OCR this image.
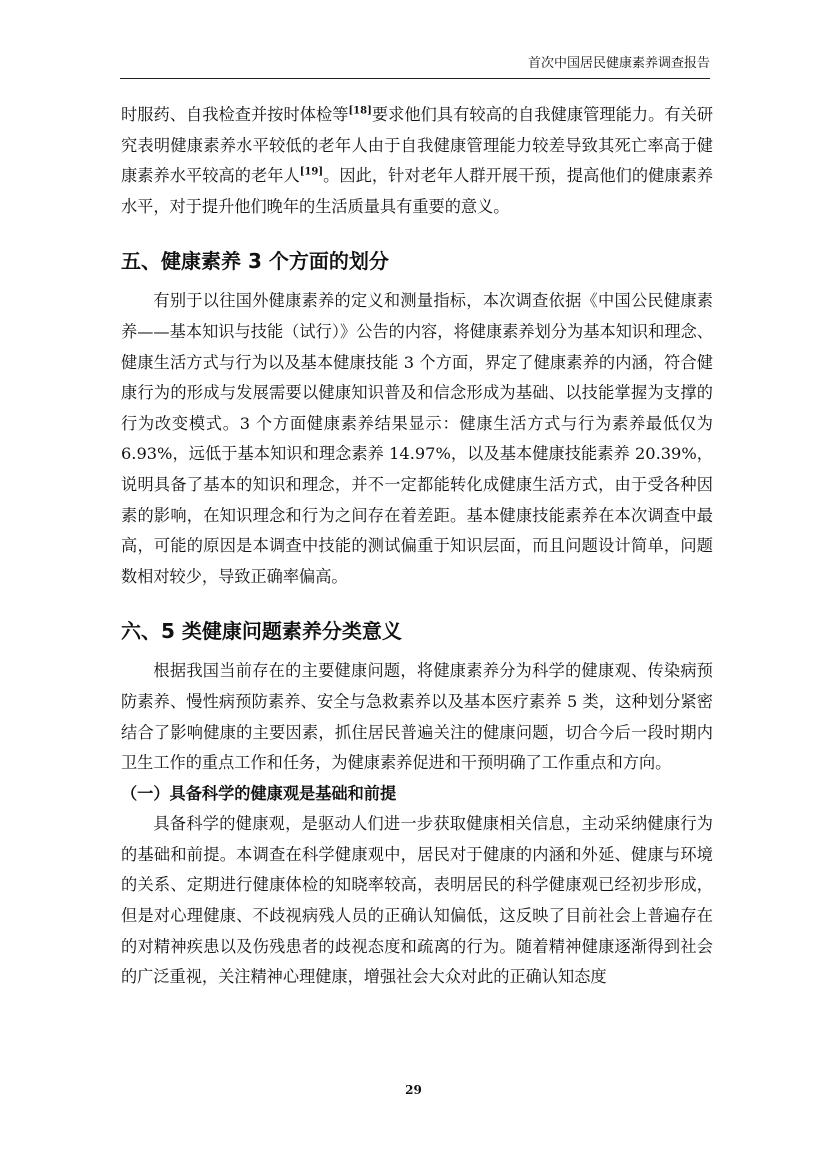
首次中国居民健康素养调查报告

时服药、自我检查并按时体检等[18]要求他们具有较高的自我健康管理能力。有关研究表明健康素养水平较低的老年人由于自我健康管理能力较差导致其死亡率高于健康素养水平较高的老年人[19]。因此，针对老年人群开展干预，提高他们的健康素养水平，对于提升他们晚年的生活质量具有重要的意义。

五、健康素养 3 个方面的划分

有别于以往国外健康素养的定义和测量指标，本次调查依据《中国公民健康素养——基本知识与技能（试行）》公告的内容，将健康素养划分为基本知识和理念、健康生活方式与行为以及基本健康技能 3 个方面，界定了健康素养的内涵，符合健康行为的形成与发展需要以健康知识普及和信念形成为基础、以技能掌握为支撑的行为改变模式。3 个方面健康素养结果显示：健康生活方式与行为素养最低仅为 6.93%，远低于基本知识和理念素养 14.97%，以及基本健康技能素养 20.39%，说明具备了基本的知识和理念，并不一定都能转化成健康生活方式，由于受各种因素的影响，在知识理念和行为之间存在着差距。基本健康技能素养在本次调查中最高，可能的原因是本调查中技能的测试偏重于知识层面，而且问题设计简单，问题数相对较少，导致正确率偏高。

六、5 类健康问题素养分类意义

根据我国当前存在的主要健康问题，将健康素养分为科学的健康观、传染病预防素养、慢性病预防素养、安全与急救素养以及基本医疗素养 5 类，这种划分紧密结合了影响健康的主要因素，抓住居民普遍关注的健康问题，切合今后一段时期内卫生工作的重点工作和任务，为健康素养促进和干预明确了工作重点和方向。

（一）具备科学的健康观是基础和前提

具备科学的健康观，是驱动人们进一步获取健康相关信息，主动采纳健康行为的基础和前提。本调查在科学健康观中，居民对于健康的内涵和外延、健康与环境的关系、定期进行健康体检的知晓率较高，表明居民的科学健康观已经初步形成，但是对心理健康、不歧视病残人员的正确认知偏低，这反映了目前社会上普遍存在的对精神疾患以及伤残患者的歧视态度和疏离的行为。随着精神健康逐渐得到社会的广泛重视，关注精神心理健康，增强社会大众对此的正确认知态度

29
